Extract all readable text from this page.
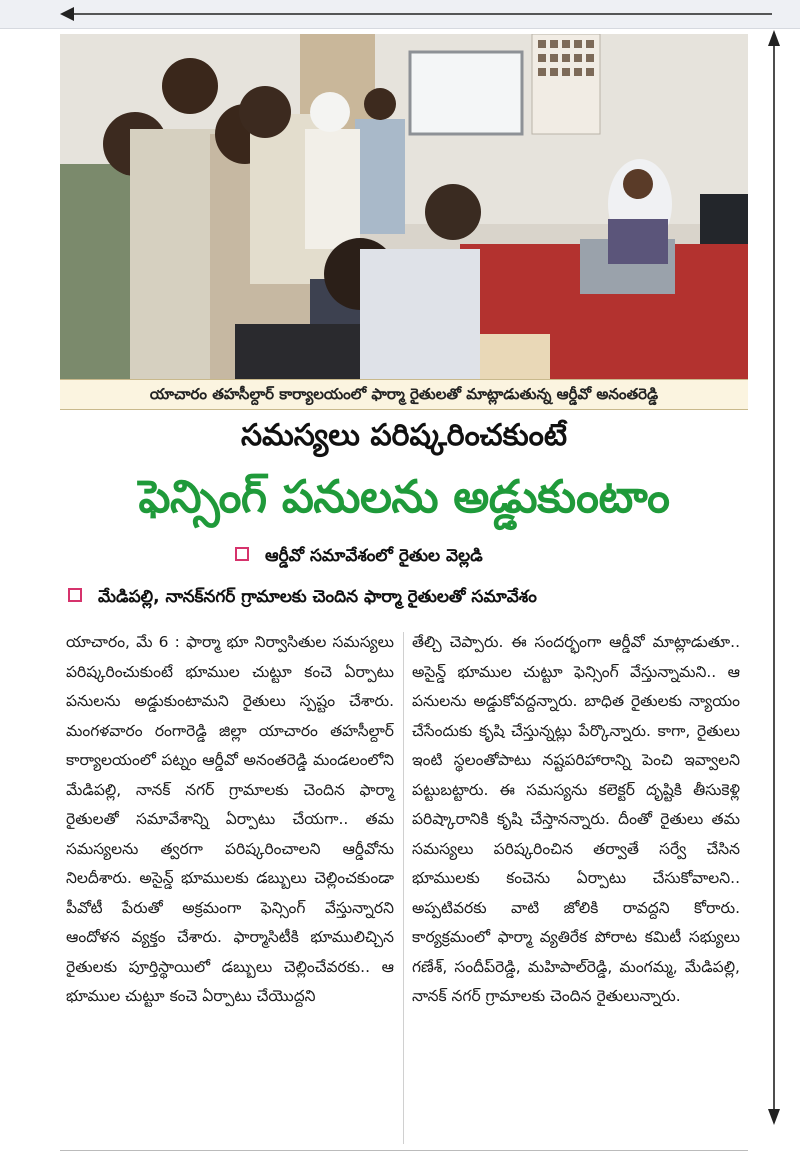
యాచారం తహసీల్దార్ కార్యాలయంలో ఫార్మా రైతులతో మాట్లాడుతున్న ఆర్డీవో అనంతరెడ్డి
సమస్యలు పరిష్కరించకుంటే
ఫెన్సింగ్ పనులను అడ్డుకుంటాం
ఆర్డీవో సమావేశంలో రైతుల వెల్లడి
మేడిపల్లి, నానక్‌నగర్ గ్రామాలకు చెందిన ఫార్మా రైతులతో సమావేశం

యాచారం, మే 6 : ఫార్మా భూ నిర్వాసితుల సమస్యలు పరిష్కరించుకుంటే భూముల చుట్టూ కంచె ఏర్పాటు పనులను అడ్డుకుంటామని రైతులు స్పష్టం చేశారు. మంగళవారం రంగారెడ్డి జిల్లా యాచారం తహసీల్దార్ కార్యాలయంలో పట్నం ఆర్డీవో అనంతరెడ్డి మండలంలోని మేడిపల్లి, నానక్ నగర్ గ్రామాలకు చెందిన ఫార్మా రైతులతో సమావేశాన్ని ఏర్పాటు చేయగా.. తమ సమస్యలను త్వరగా పరిష్కరించాలని ఆర్డీవోను నిలదీశారు. అసైన్డ్ భూములకు డబ్బులు చెల్లించకుండా పీవోటీ పేరుతో అక్రమంగా ఫెన్సింగ్ వేస్తున్నారని ఆందోళన వ్యక్తం చేశారు. ఫార్మాసిటీకి భూములిచ్చిన రైతులకు పూర్తిస్థాయిలో డబ్బులు చెల్లించేవరకు.. ఆ భూముల చుట్టూ కంచె ఏర్పాటు చేయొద్దని

తేల్చి చెప్పారు. ఈ సందర్భంగా ఆర్డీవో మాట్లాడుతూ.. అసైన్డ్ భూముల చుట్టూ ఫెన్సింగ్ వేస్తున్నామని.. ఆ పనులను అడ్డుకోవద్దన్నారు. బాధిత రైతులకు న్యాయం చేసేందుకు కృషి చేస్తున్నట్లు పేర్కొన్నారు. కాగా, రైతులు ఇంటి స్థలంతోపాటు నష్టపరిహారాన్ని పెంచి ఇవ్వాలని పట్టుబట్టారు. ఈ సమస్యను కలెక్టర్ దృష్టికి తీసుకెళ్లి పరిష్కారానికి కృషి చేస్తానన్నారు. దీంతో రైతులు తమ సమస్యలు పరిష్కరించిన తర్వాతే సర్వే చేసిన భూములకు కంచెను ఏర్పాటు చేసుకోవాలని.. అప్పటివరకు వాటి జోలికి రావద్దని కోరారు. కార్యక్రమంలో ఫార్మా వ్యతిరేక పోరాట కమిటీ సభ్యులు గణేశ్, సందీప్‌రెడ్డి, మహిపాల్‌రెడ్డి, మంగమ్మ, మేడిపల్లి, నానక్ నగర్ గ్రామాలకు చెందిన రైతులున్నారు.
